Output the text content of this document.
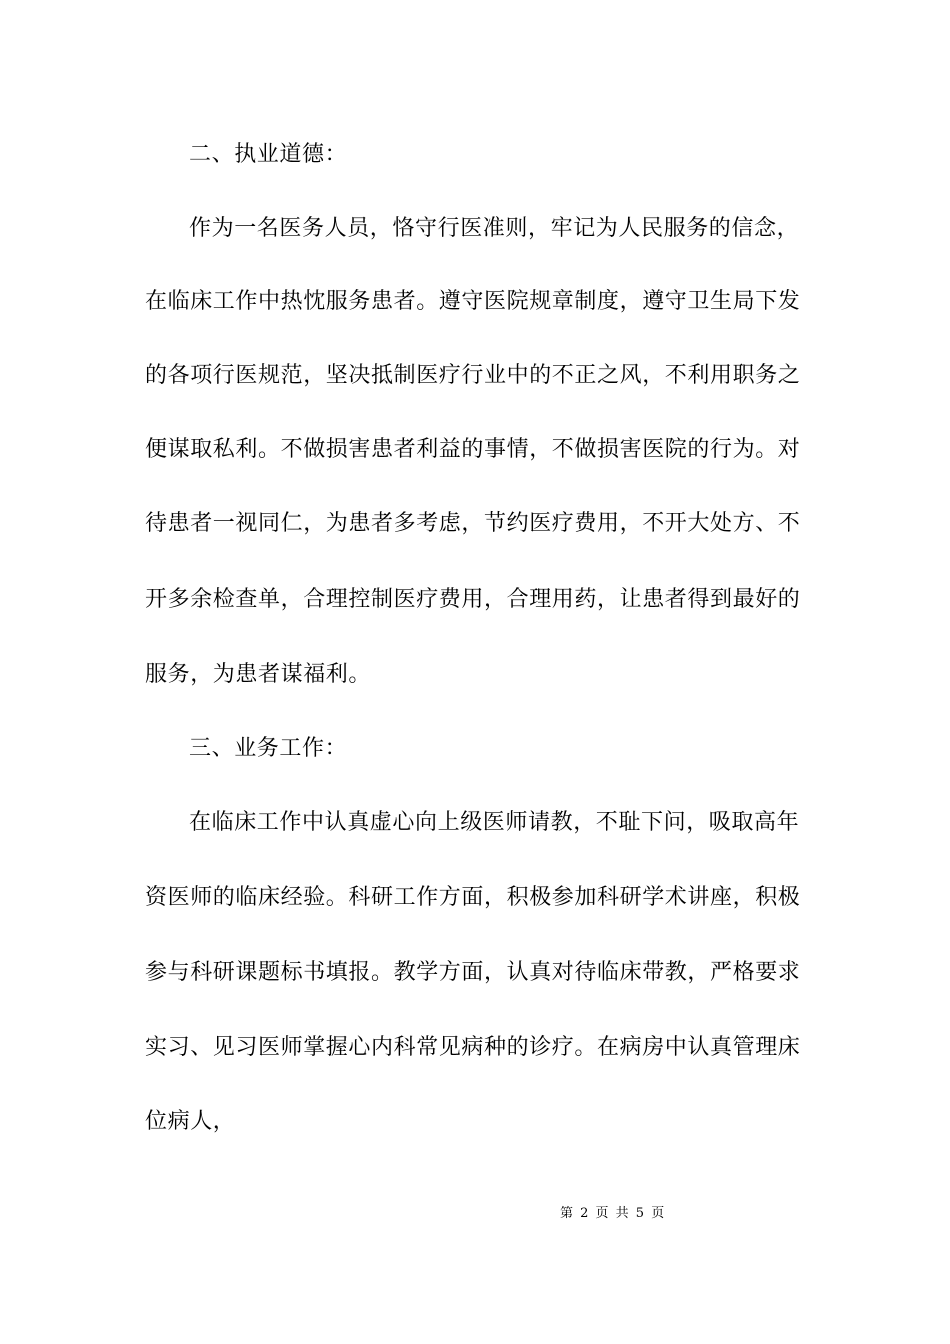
二、执业道德：
作为一名医务人员，恪守行医准则，牢记为人民服务的信念，
在临床工作中热忱服务患者。遵守医院规章制度，遵守卫生局下发
的各项行医规范，坚决抵制医疗行业中的不正之风，不利用职务之
便谋取私利。不做损害患者利益的事情，不做损害医院的行为。对
待患者一视同仁，为患者多考虑，节约医疗费用，不开大处方、不
开多余检查单，合理控制医疗费用，合理用药，让患者得到最好的
服务，为患者谋福利。
三、业务工作：
在临床工作中认真虚心向上级医师请教，不耻下问，吸取高年
资医师的临床经验。科研工作方面，积极参加科研学术讲座，积极
参与科研课题标书填报。教学方面，认真对待临床带教，严格要求
实习、见习医师掌握心内科常见病种的诊疗。在病房中认真管理床
位病人，
第 2 页 共 5 页
